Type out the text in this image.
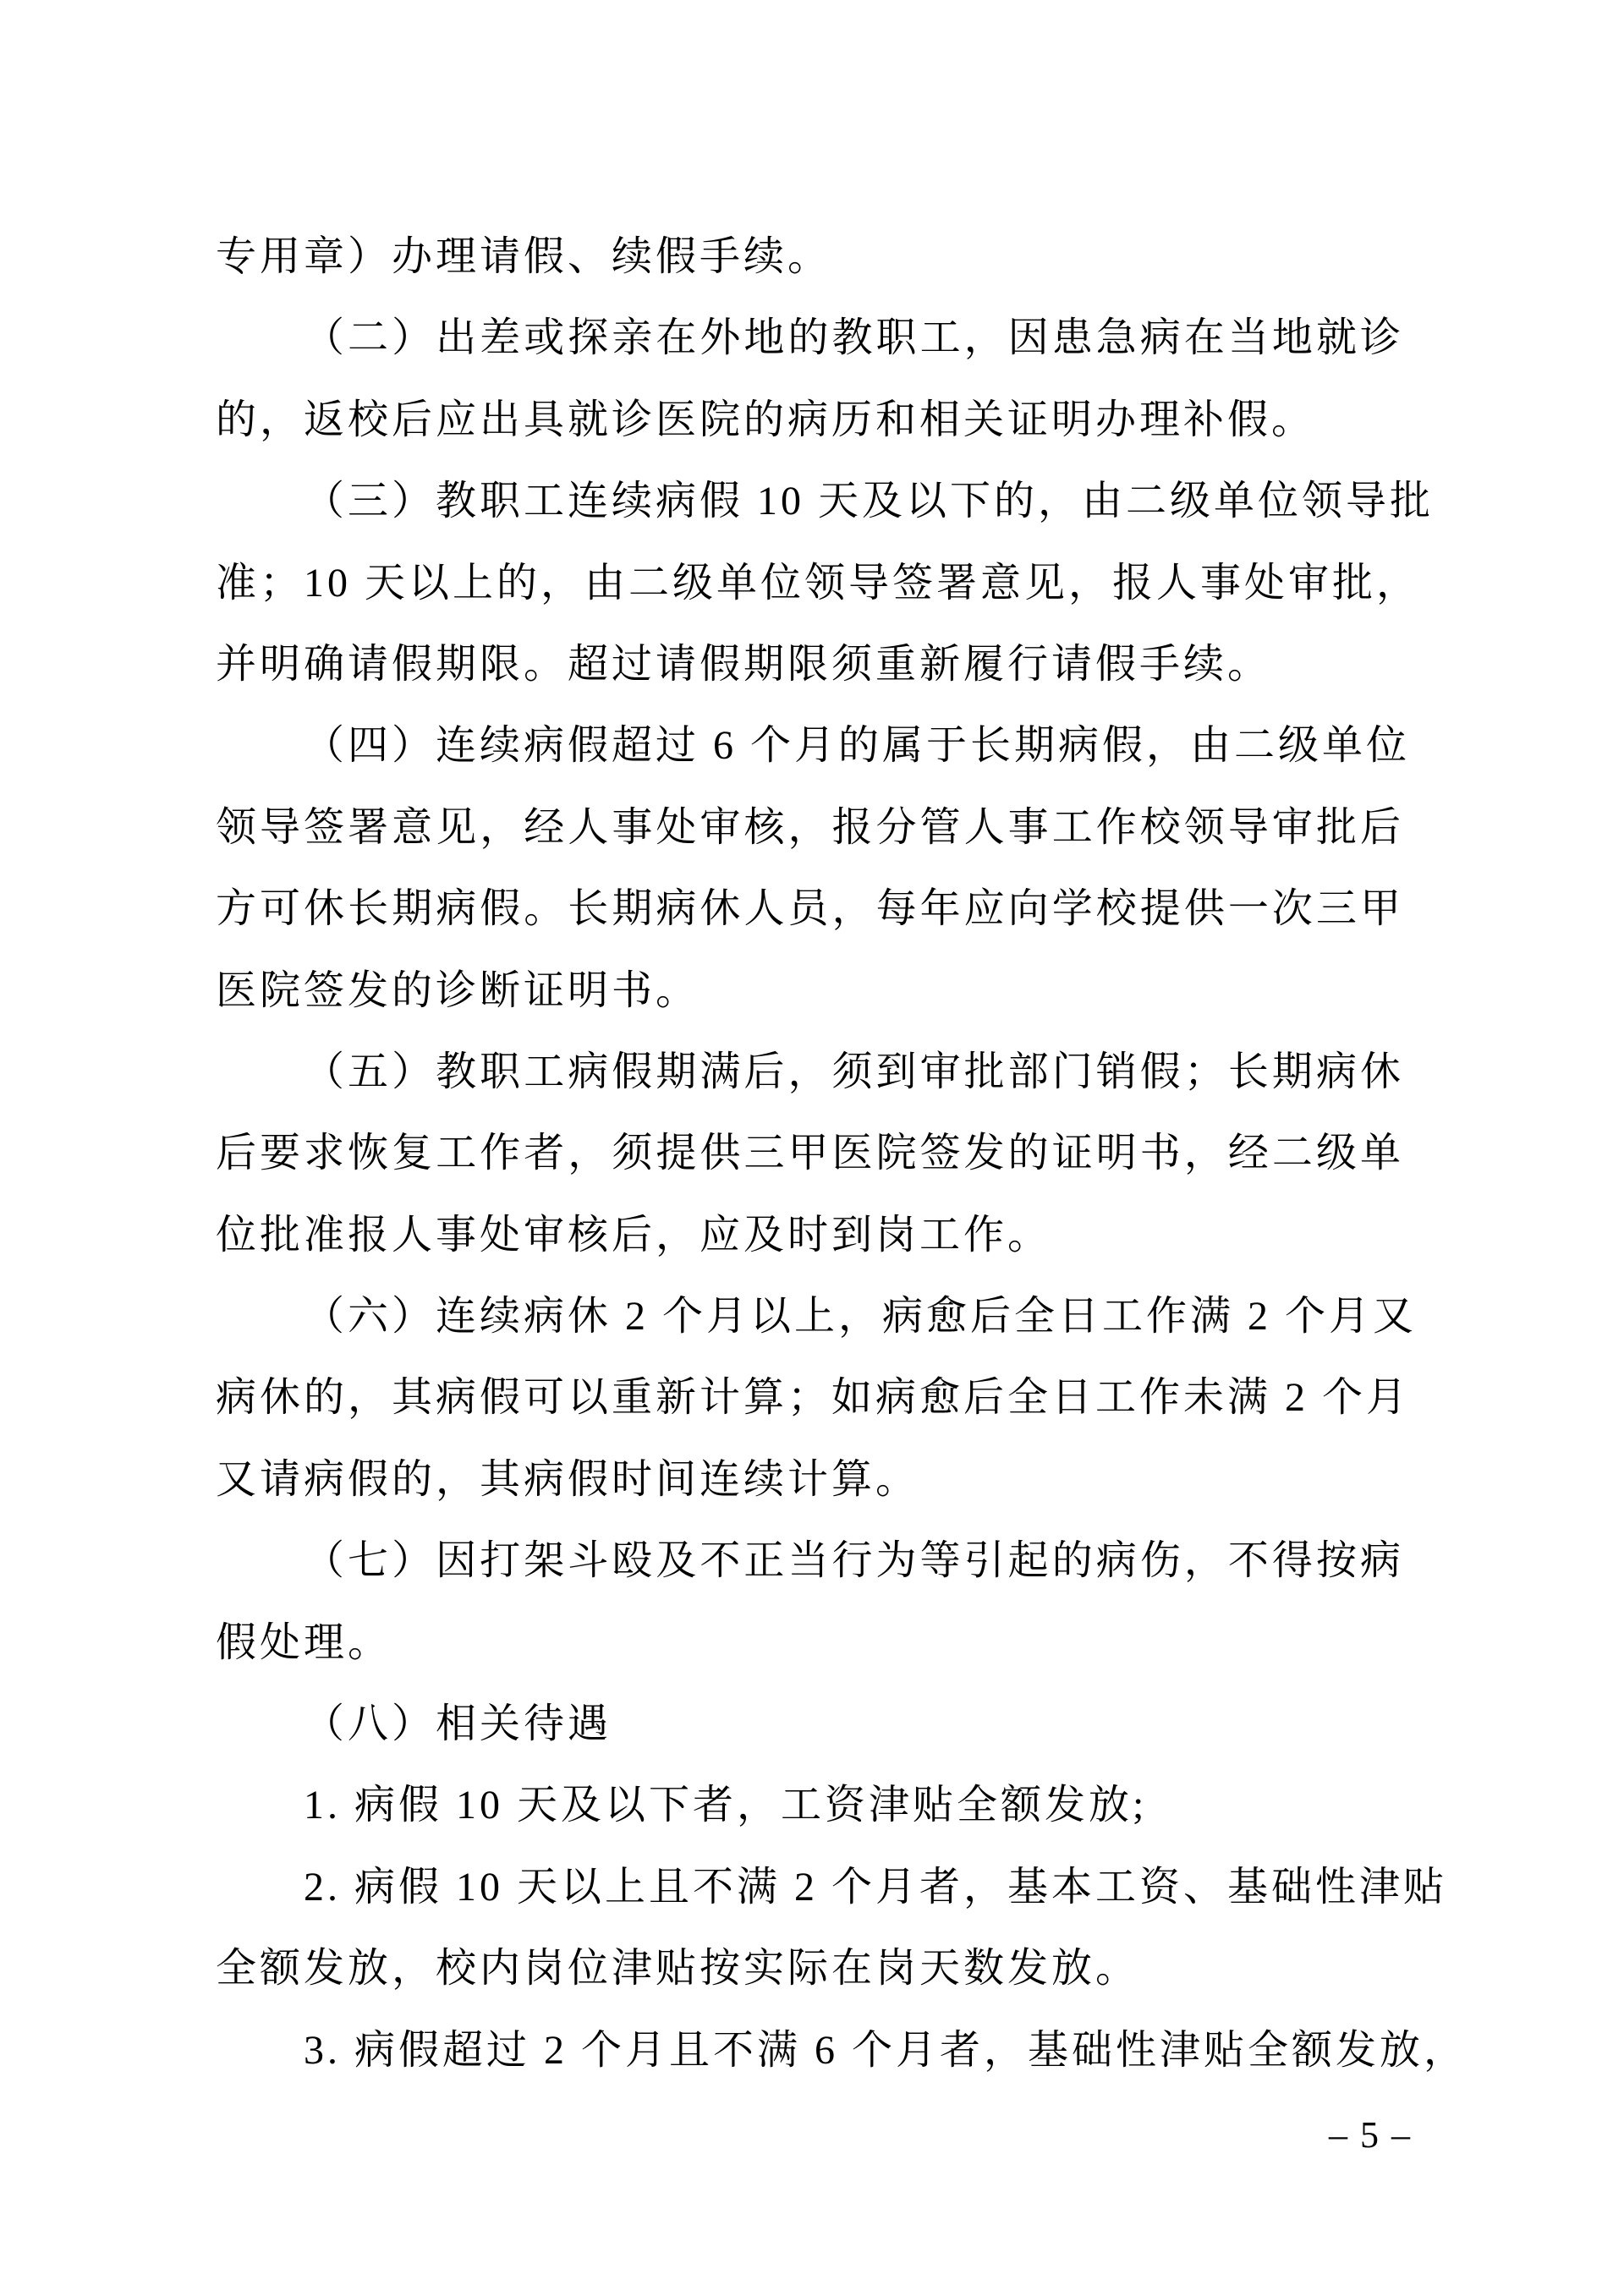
专用章）办理请假、续假手续。
（二）出差或探亲在外地的教职工，因患急病在当地就诊
的，返校后应出具就诊医院的病历和相关证明办理补假。
（三）教职工连续病假 10 天及以下的，由二级单位领导批
准；10 天以上的，由二级单位领导签署意见，报人事处审批，
并明确请假期限。超过请假期限须重新履行请假手续。
（四）连续病假超过 6 个月的属于长期病假，由二级单位
领导签署意见，经人事处审核，报分管人事工作校领导审批后
方可休长期病假。长期病休人员，每年应向学校提供一次三甲
医院签发的诊断证明书。
（五）教职工病假期满后，须到审批部门销假；长期病休
后要求恢复工作者，须提供三甲医院签发的证明书，经二级单
位批准报人事处审核后，应及时到岗工作。
（六）连续病休 2 个月以上，病愈后全日工作满 2 个月又
病休的，其病假可以重新计算；如病愈后全日工作未满 2 个月
又请病假的，其病假时间连续计算。
（七）因打架斗殴及不正当行为等引起的病伤，不得按病
假处理。
（八）相关待遇
1. 病假 10 天及以下者，工资津贴全额发放;
2. 病假 10 天以上且不满 2 个月者，基本工资、基础性津贴
全额发放，校内岗位津贴按实际在岗天数发放。
3. 病假超过 2 个月且不满 6 个月者，基础性津贴全额发放，
– 5 –
